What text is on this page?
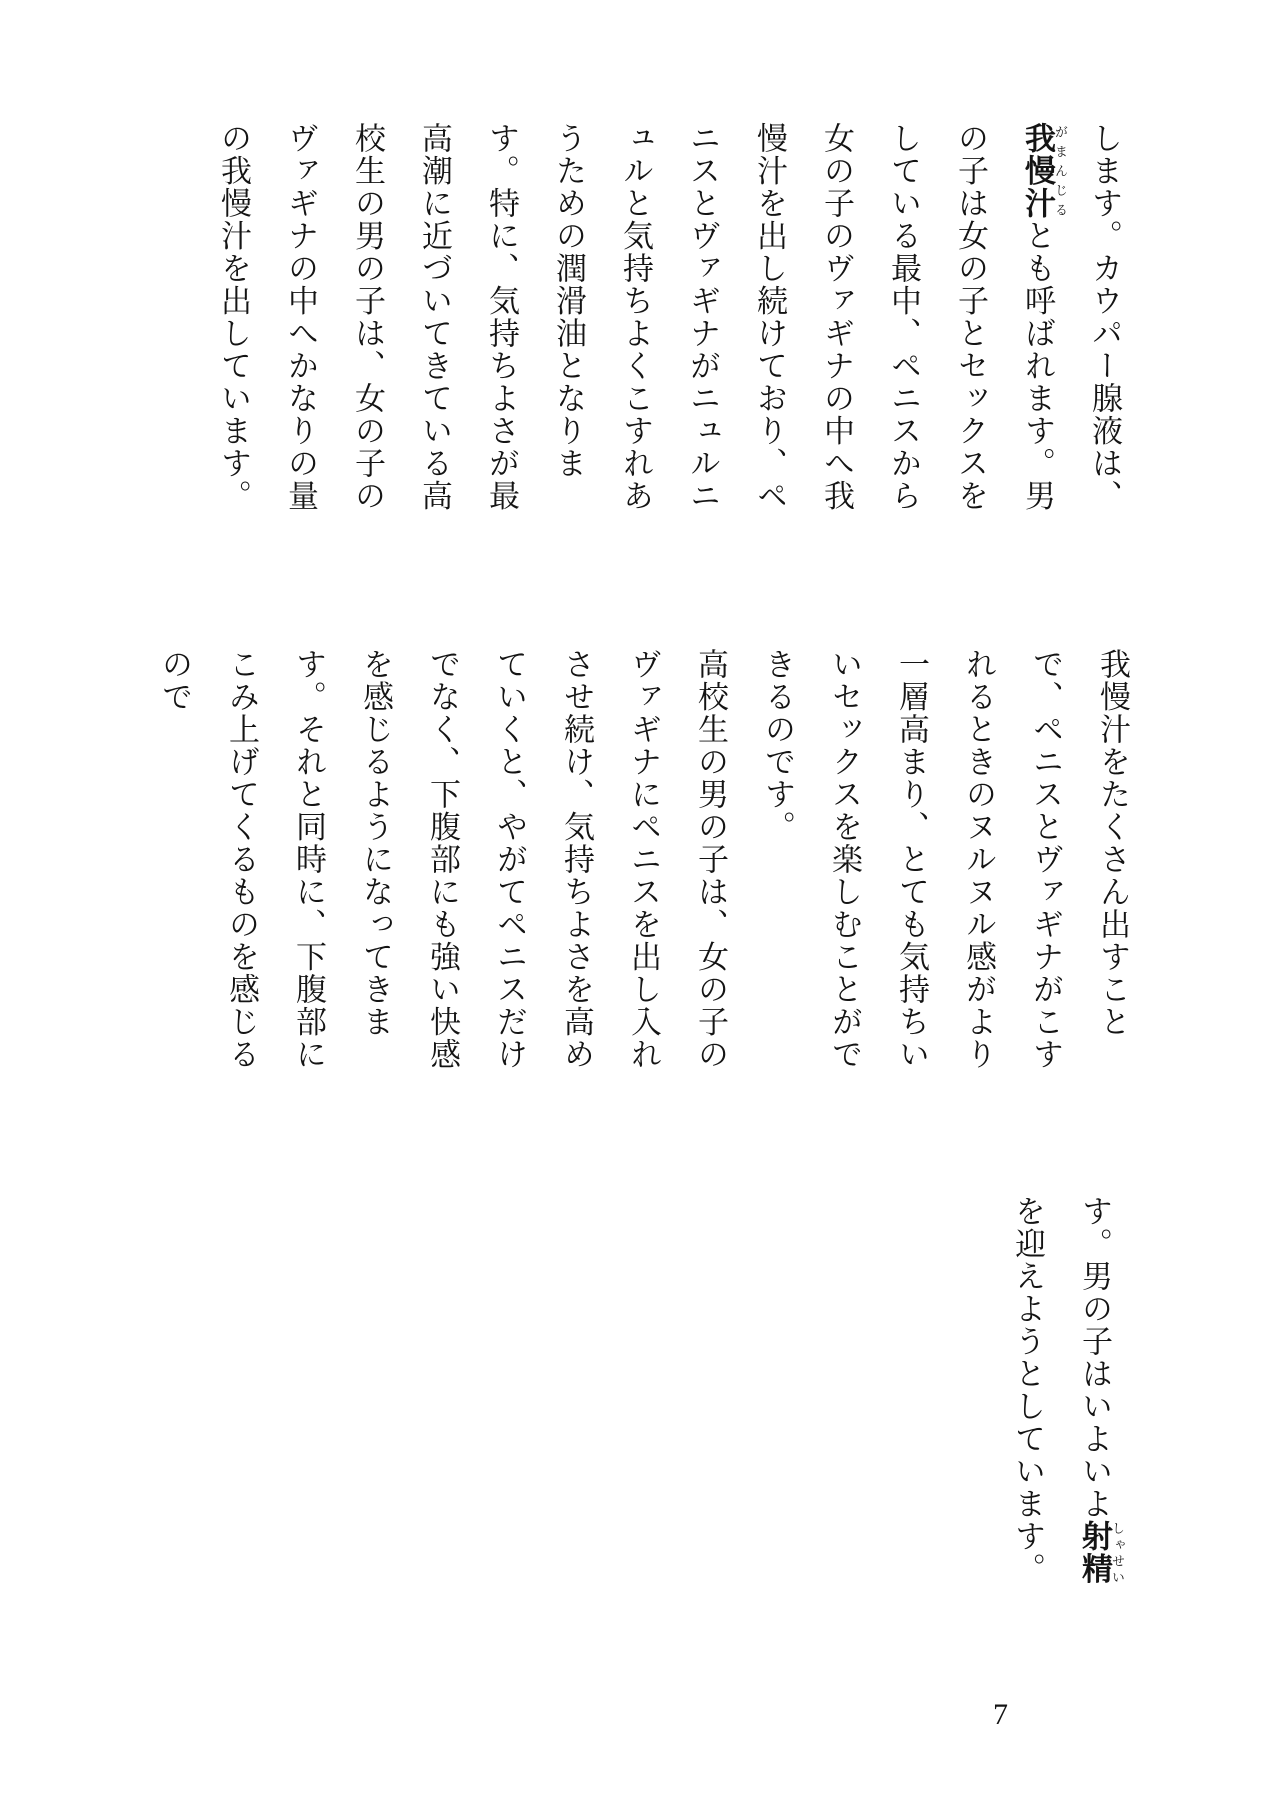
します。カウパー腺液は、我慢汁がまんじるとも呼ばれます。男の子は女の子とセックスをしている最中、ペニスから女の子のヴァギナの中へ我慢汁を出し続けており、ペニスとヴァギナがニュルニュルと気持ちよくこすれあうための潤滑油となります。特に、気持ちよさが最高潮に近づいてきている高校生の男の子は、女の子のヴァギナの中へかなりの量の我慢汁を出しています。

我慢汁をたくさん出すことで、ペニスとヴァギナがこすれるときのヌルヌル感がより一層高まり、とても気持ちいいセックスを楽しむことができるのです。

高校生の男の子は、女の子のヴァギナにペニスを出し入れさせ続け、気持ちよさを高めていくと、やがてペニスだけでなく、下腹部にも強い快感を感じるようになってきます。それと同時に、下腹部にこみ上げてくるものを感じるので

す。男の子はいよいよ射精しゃせいを迎えようとしています。

7
